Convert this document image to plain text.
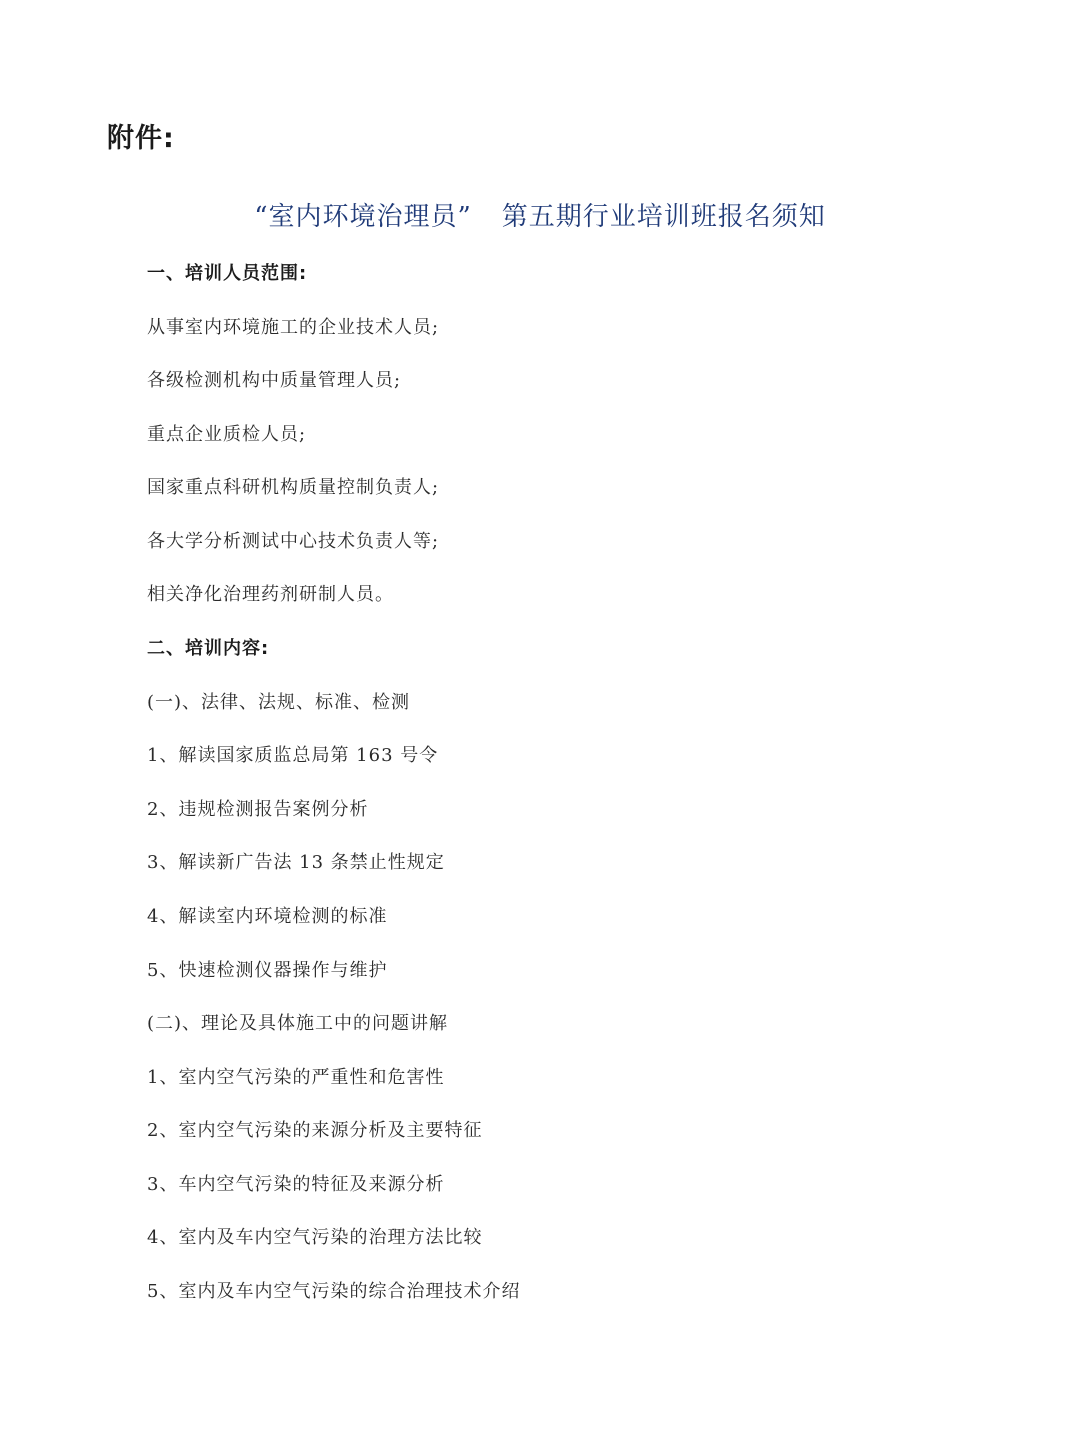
附件:
“室内环境治理员” 第五期行业培训班报名须知
一、培训人员范围:
从事室内环境施工的企业技术人员;
各级检测机构中质量管理人员;
重点企业质检人员;
国家重点科研机构质量控制负责人;
各大学分析测试中心技术负责人等;
相关净化治理药剂研制人员。
二、培训内容:
(一)、法律、法规、标准、检测
1、解读国家质监总局第 163 号令
2、违规检测报告案例分析
3、解读新广告法 13 条禁止性规定
4、解读室内环境检测的标准
5、快速检测仪器操作与维护
(二)、理论及具体施工中的问题讲解
1、室内空气污染的严重性和危害性
2、室内空气污染的来源分析及主要特征
3、车内空气污染的特征及来源分析
4、室内及车内空气污染的治理方法比较
5、室内及车内空气污染的综合治理技术介绍
